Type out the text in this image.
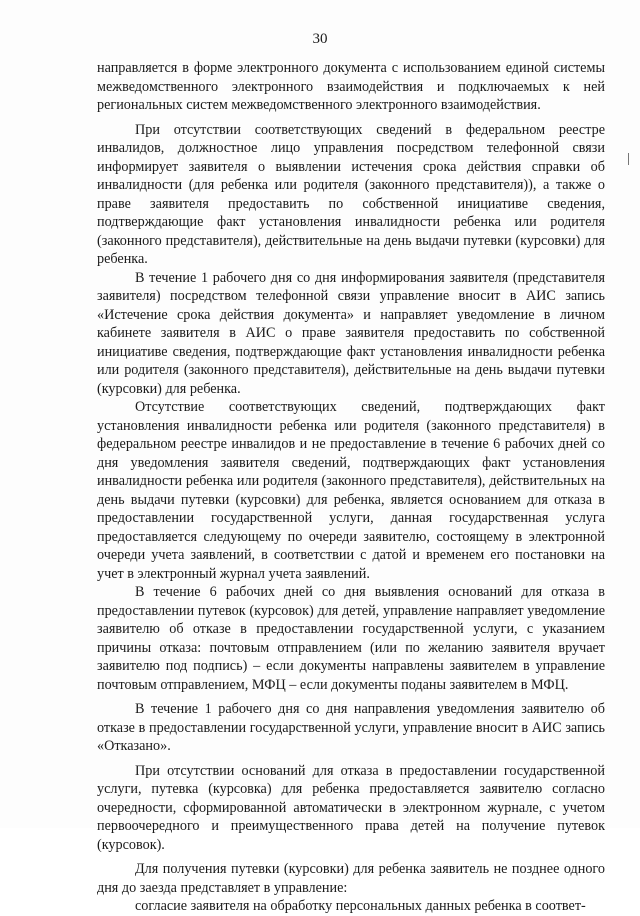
30

направляется в форме электронного документа с использованием единой системы межведомственного электронного взаимодействия и подключаемых к ней региональных систем межведомственного электронного взаимодействия.

При отсутствии соответствующих сведений в федеральном реестре инвалидов, должностное лицо управления посредством телефонной связи информирует заявителя о выявлении истечения срока действия справки об инвалидности (для ребенка или родителя (законного представителя)), а также о праве заявителя предоставить по собственной инициативе сведения, подтверждающие факт установления инвалидности ребенка или родителя (законного представителя), действительные на день выдачи путевки (курсовки) для ребенка.

В течение 1 рабочего дня со дня информирования заявителя (представителя заявителя) посредством телефонной связи управление вносит в АИС запись «Истечение срока действия документа» и направляет уведомление в личном кабинете заявителя в АИС о праве заявителя предоставить по собственной инициативе сведения, подтверждающие факт установления инвалидности ребенка или родителя (законного представителя), действительные на день выдачи путевки (курсовки) для ребенка.

Отсутствие соответствующих сведений, подтверждающих факт установления инвалидности ребенка или родителя (законного представителя) в федеральном реестре инвалидов и не предоставление в течение 6 рабочих дней со дня уведомления заявителя сведений, подтверждающих факт установления инвалидности ребенка или родителя (законного представителя), действительных на день выдачи путевки (курсовки) для ребенка, является основанием для отказа в предоставлении государственной услуги, данная государственная услуга предоставляется следующему по очереди заявителю, состоящему в электронной очереди учета заявлений, в соответствии с датой и временем его постановки на учет в электронный журнал учета заявлений.

В течение 6 рабочих дней со дня выявления оснований для отказа в предоставлении путевок (курсовок) для детей, управление направляет уведомление заявителю об отказе в предоставлении государственной услуги, с указанием причины отказа: почтовым отправлением (или по желанию заявителя вручает заявителю под подпись) – если документы направлены заявителем в управление почтовым отправлением, МФЦ – если документы поданы заявителем в МФЦ.

В течение 1 рабочего дня со дня направления уведомления заявителю об отказе в предоставлении государственной услуги, управление вносит в АИС запись «Отказано».

При отсутствии оснований для отказа в предоставлении государственной услуги, путевка (курсовка) для ребенка предоставляется заявителю согласно очередности, сформированной автоматически в электронном журнале, с учетом первоочередного и преимущественного права детей на получение путевок (курсовок).

Для получения путевки (курсовки) для ребенка заявитель не позднее одного дня до заезда представляет в управление:

согласие заявителя на обработку персональных данных ребенка в соответ-
